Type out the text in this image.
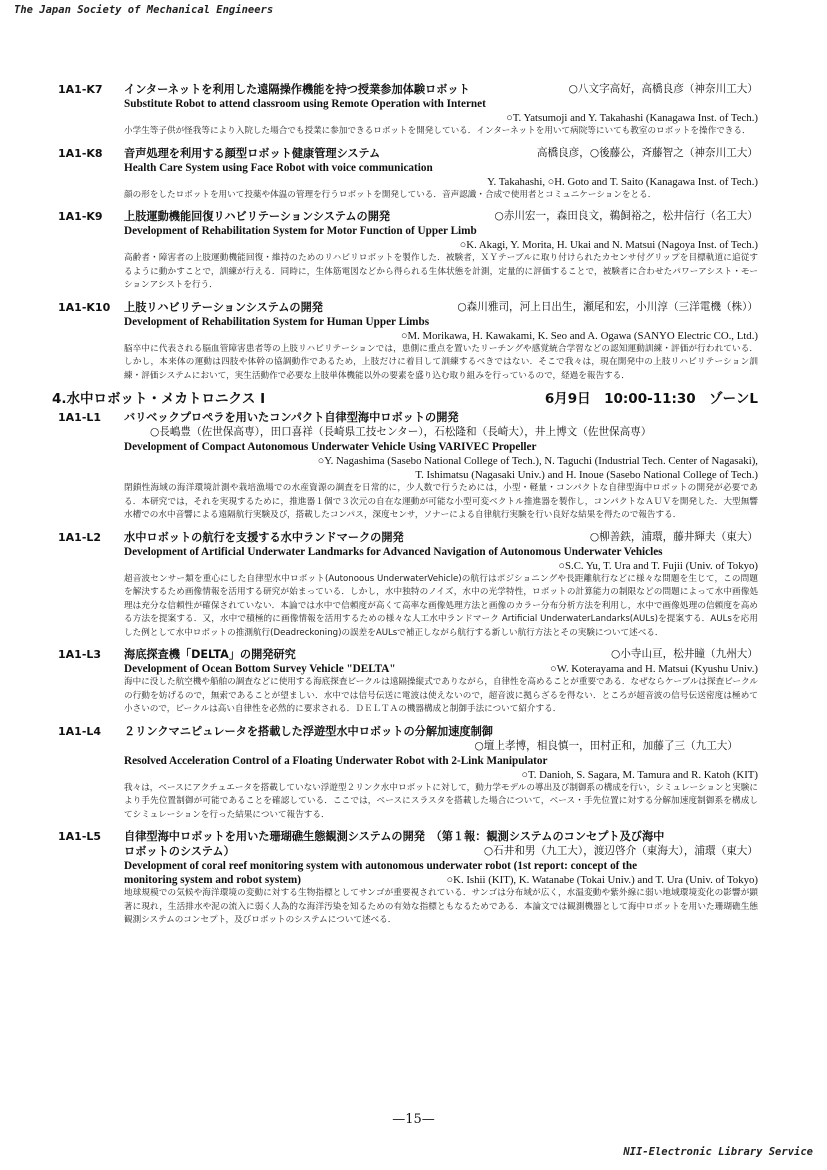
The Japan Society of Mechanical Engineers
1A1-K7 インターネットを利用した遠隔操作機能を持つ授業参加体験ロボット	○八文字高好，高橋良彦（神奈川工大）
Substitute Robot to attend classroom using Remote Operation with Internet
○T. Yatsumoji and Y. Takahashi (Kanagawa Inst. of Tech.)
小学生等子供が怪我等により入院した場合でも授業に参加できるロボットを開発している．インターネットを用いて病院等にいても教室のロボットを操作できる．
1A1-K8 音声処理を利用する顔型ロボット健康管理システム	高橋良彦，○後藤公，斉藤智之（神奈川工大）
Health Care System using Face Robot with voice communication
Y. Takahashi, ○H. Goto and T. Saito (Kanagawa Inst. of Tech.)
顔の形をしたロボットを用いて投薬や体温の管理を行うロボットを開発している．音声認識・合成で使用者とコミュニケーションをとる．
1A1-K9 上肢運動機能回復リハビリテーションシステムの開発	○赤川宏一，森田良文，鵜飼裕之，松井信行（名工大）
Development of Rehabilitation System for Motor Function of Upper Limb
○K. Akagi, Y. Morita, H. Ukai and N. Matsui (Nagoya Inst. of Tech.)
高齢者・障害者の上肢運動機能回復・維持のためのリハビリロボットを製作した．被験者，ＸＹテーブルに取り付けられたカセンサ付グリップを目標軌道に追従するように動かすことで，訓練が行える．同時に，生体筋電図などから得られる生体状態を計測，定量的に評価することで，被験者に合わせたパワーアシスト・モーションアシストを行う．
1A1-K10 上肢リハビリテーションシステムの開発	○森川雅司，河上日出生，瀬尾和宏，小川淳（三洋電機（株））
Development of Rehabilitation System for Human Upper Limbs
○M. Morikawa, H. Kawakami, K. Seo and A. Ogawa (SANYO Electric CO., Ltd.)
脳卒中に代表される脳血管障害患者等の上肢リハビリテーションでは，患側に重点を置いたリーチングや感覚統合学習などの認知運動訓練・評価が行われている．しかし，本来体の運動は四肢や体幹の協調動作であるため，上肢だけに着目して訓練するべきではない．そこで我々は，現在開発中の上肢リハビリテーション訓練・評価システムにおいて，実生活動作で必要な上肢単体機能以外の要素を盛り込む取り組みを行っているので，経過を報告する．
4.水中ロボット・メカトロニクス Ⅰ	6月9日　10:00-11:30　ゾーンL
1A1-L1 バリベックプロペラを用いたコンパクト自律型海中ロボットの開発
○長嶋豊（佐世保高専），田口喜祥（長崎県工技センター），石松隆和（長崎大），井上博文（佐世保高専）
Development of Compact Autonomous Underwater Vehicle Using VARIVEC Propeller
○Y. Nagashima (Sasebo National College of Tech.), N. Taguchi (Industrial Tech. Center of Nagasaki),
T. Ishimatsu (Nagasaki Univ.) and H. Inoue (Sasebo National College of Tech.)
閉鎖性海域の海洋環境計測や栽培漁場での水産資源の調査を日常的に，少人数で行うためには，小型・軽量・コンパクトな自律型海中ロボットの開発が必要である．本研究では，それを実現するために，推進器１個で３次元の自在な運動が可能な小型可変ベクトル推進器を製作し，コンパクトなＡＵＶを開発した．大型無響水槽での水中音響による遠隔航行実験及び，搭載したコンパス，深度センサ，ソナーによる自律航行実験を行い良好な結果を得たので報告する．
1A1-L2 水中ロボットの航行を支援する水中ランドマークの開発	○柳善鉄，浦環，藤井輝夫（東大）
Development of Artificial Underwater Landmarks for Advanced Navigation of Autonomous Underwater Vehicles
○S.C. Yu, T. Ura and T. Fujii (Univ. of Tokyo)
超音波センサー類を重心にした自律型水中ロボット(Autonoous UnderwaterVehicle)の航行はポジショニングや長距離航行などに様々な問題を生じて，この問題を解決するため画像情報を活用する研究が始まっている．しかし，水中独特のノイズ，水中の光学特性，ロボットの計算能力の制限などの問題によって水中画像処理は充分な信頼性が確保されていない．本論では水中で信頼度が高くて高率な画像処理方法と画像のカラー分布分析方法を利用し，水中で画像処理の信頼度を高める方法を提案する．又，水中で積極的に画像情報を活用するための様々な人工水中ランドマーク Artificial UnderwaterLandarks(AULs)を提案する．AULsを応用した例として水中ロボットの推測航行(Deadreckoning)の誤差をAULsで補正しながら航行する新しい航行方法とその実験について述べる．
1A1-L3 海底探査機「DELTA」の開発研究	○小寺山亘，松井瞳（九州大）
Development of Ocean Bottom Survey Vehicle "DELTA"	○W. Koterayama and H. Matsui (Kyushu Univ.)
海中に没した航空機や船舶の調査などに使用する海底探査ビークルは遠隔操縦式でありながら，自律性を高めることが重要である．なぜならケーブルは探査ビークルの行動を妨げるので，無索であることが望ましい．水中では信号伝送に電波は使えないので，超音波に拠らざるを得ない．ところが超音波の信号伝送密度は極めて小さいので，ビークルは高い自律性を必然的に要求される．ＤＥＬＴＡの機器構成と制御手法について紹介する．
1A1-L4 ２リンクマニピュレータを搭載した浮遊型水中ロボットの分解加速度制御
○壇上孝博，相良慎一，田村正和，加藤了三（九工大）
Resolved Acceleration Control of a Floating Underwater Robot with 2-Link Manipulator
○T. Danioh, S. Sagara, M. Tamura and R. Katoh (KIT)
我々は，ベースにアクチュエータを搭載していない浮遊型２リンク水中ロボットに対して，動力学モデルの導出及び制御系の構成を行い，シミュレーションと実験により手先位置制御が可能であることを確認している．ここでは，ベースにスラスタを搭載した場合について，ベース・手先位置に対する分解加速度制御系を構成してシミュレーションを行った結果について報告する．
1A1-L5 自律型海中ロボットを用いた珊瑚礁生態観測システムの開発　（第１報：観測システムのコンセプト及び海中
ロボットのシステム）	○石井和男（九工大），渡辺啓介（東海大），浦環（東大）
Development of coral reef monitoring system with autonomous underwater robot (1st report: concept of the
monitoring system and robot system)	○K. Ishii (KIT), K. Watanabe (Tokai Univ.) and T. Ura (Univ. of Tokyo)
地球規模での気候や海洋環境の変動に対する生物指標としてサンゴが重要視されている．サンゴは分布域が広く，水温変動や紫外線に弱い地域環境変化の影響が顕著に現れ，生活排水や泥の流入に弱く人為的な海洋汚染を知るための有効な指標ともなるためである．本論文では観測機器として海中ロボットを用いた珊瑚礁生態観測システムのコンセプト，及びロボットのシステムについて述べる．
—15—
NII-Electronic Library Service
